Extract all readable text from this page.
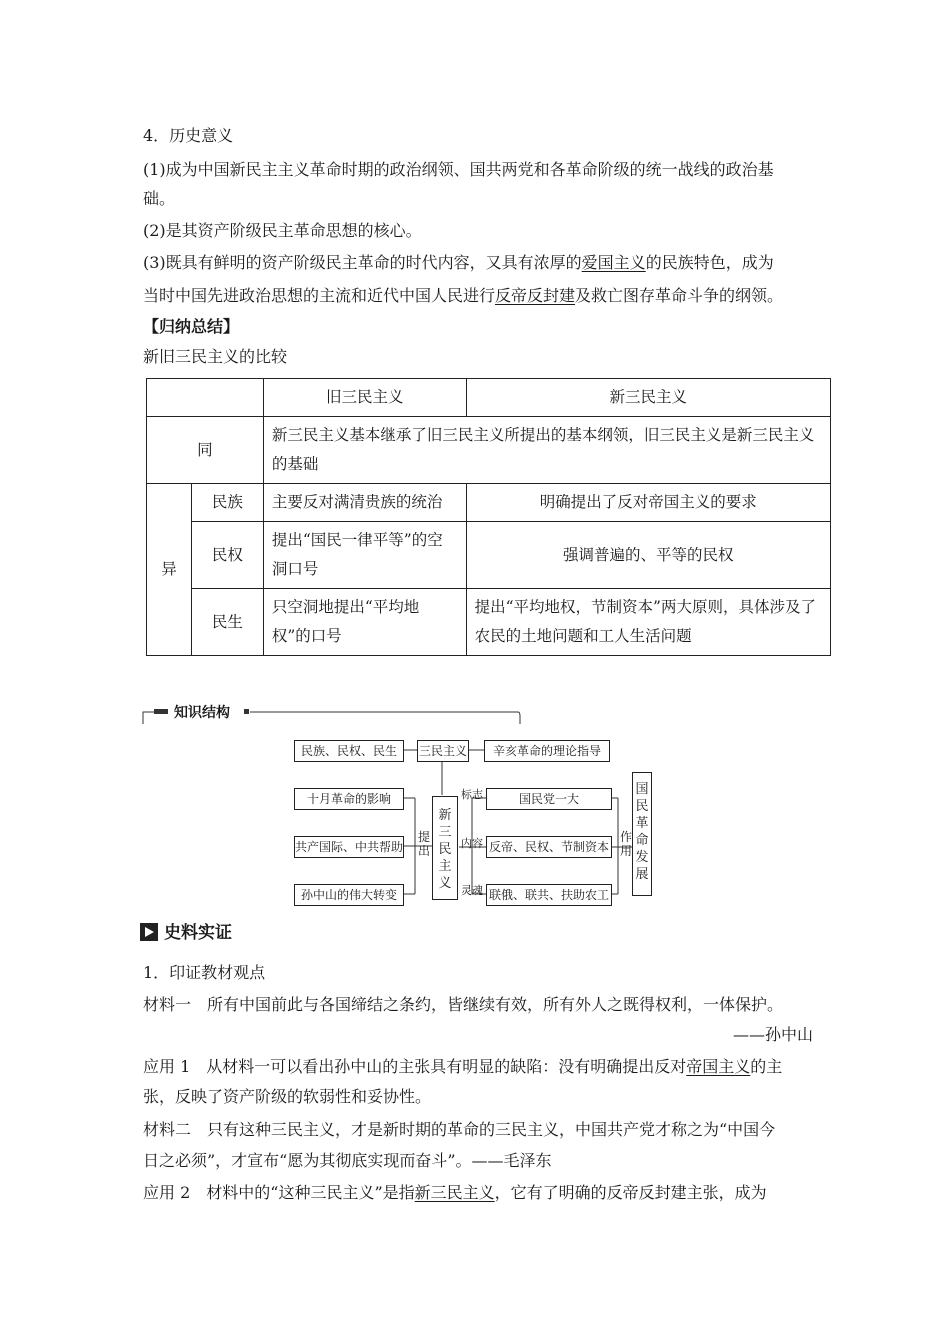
4．历史意义

(1)成为中国新民主主义革命时期的政治纲领、国共两党和各革命阶级的统一战线的政治基

础。

(2)是其资产阶级民主革命思想的核心。

(3)既具有鲜明的资产阶级民主革命的时代内容，又具有浓厚的爱国主义的民族特色，成为

当时中国先进政治思想的主流和近代中国人民进行反帝反封建及救亡图存革命斗争的纲领。

【归纳总结】

新旧三民主义的比较

		旧三民主义	新三民主义
同		新三民主义基本继承了旧三民主义所提出的基本纲领，旧三民主义是新三民主义的基础	
异	民族	主要反对满清贵族的统治	明确提出了反对帝国主义的要求
	民权	提出“国民一律平等”的空洞口号	强调普遍的、平等的民权
	民生	只空洞地提出“平均地权”的口号	提出“平均地权，节制资本”两大原则，具体涉及了农民的土地问题和工人生活问题
知识结构
民族、民权、民生	三民主义	辛亥革命的理论指导
十月革命的影响
共产国际、中共帮助
孙中山的伟大转变
提出
新三民主义
标志
内容
灵魂
国民党一大
反帝、民权、节制资本
联俄、联共、扶助农工
作用
国民革命发展
史料实证

1．印证教材观点

材料一　所有中国前此与各国缔结之条约，皆继续有效，所有外人之既得权利，一体保护。

——孙中山

应用 1　从材料一可以看出孙中山的主张具有明显的缺陷：没有明确提出反对帝国主义的主

张，反映了资产阶级的软弱性和妥协性。

材料二　只有这种三民主义，才是新时期的革命的三民主义，中国共产党才称之为“中国今

日之必须”，才宣布“愿为其彻底实现而奋斗”。——毛泽东

应用 2　材料中的“这种三民主义”是指新三民主义，它有了明确的反帝反封建主张，成为
